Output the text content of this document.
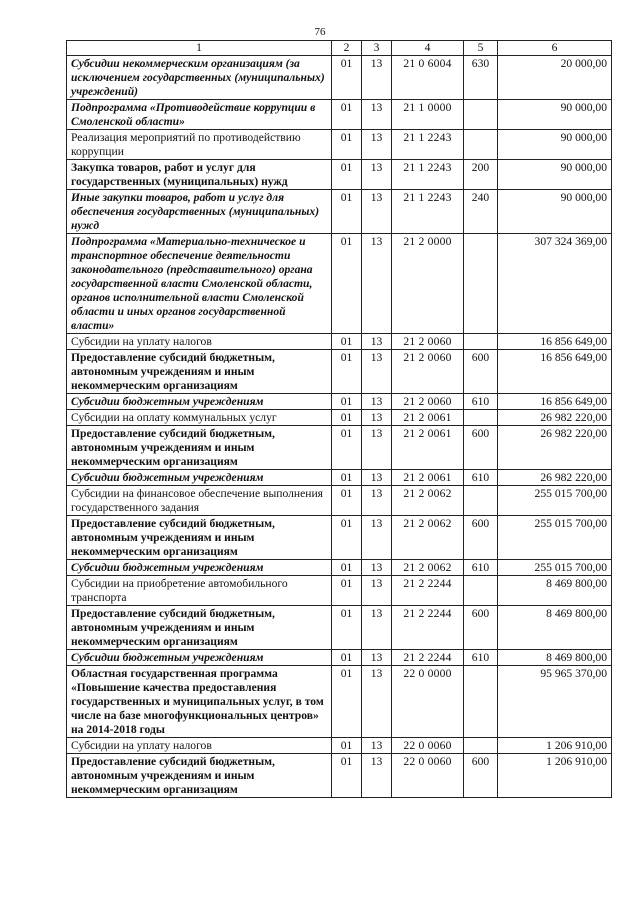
76
1	2	3	4	5	6
Субсидии некоммерческим организациям (за исключением государственных (муниципальных) учреждений)	01	13	21 0 6004	630	20 000,00
Подпрограмма «Противодействие коррупции в Смоленской области»	01	13	21 1 0000		90 000,00
Реализация мероприятий по противодействию коррупции	01	13	21 1 2243		90 000,00
Закупка товаров, работ и услуг для государственных (муниципальных) нужд	01	13	21 1 2243	200	90 000,00
Иные закупки товаров, работ и услуг для обеспечения государственных (муниципальных) нужд	01	13	21 1 2243	240	90 000,00
Подпрограмма «Материально-техническое и транспортное обеспечение деятельности законодательного (представительного) органа государственной власти Смоленской области, органов исполнительной власти Смоленской области и иных органов государственной власти»	01	13	21 2 0000		307 324 369,00
Субсидии на уплату налогов	01	13	21 2 0060		16 856 649,00
Предоставление субсидий бюджетным, автономным учреждениям и иным некоммерческим организациям	01	13	21 2 0060	600	16 856 649,00
Субсидии бюджетным учреждениям	01	13	21 2 0060	610	16 856 649,00
Субсидии на оплату коммунальных услуг	01	13	21 2 0061		26 982 220,00
Предоставление субсидий бюджетным, автономным учреждениям и иным некоммерческим организациям	01	13	21 2 0061	600	26 982 220,00
Субсидии бюджетным учреждениям	01	13	21 2 0061	610	26 982 220,00
Субсидии на финансовое обеспечение выполнения государственного задания	01	13	21 2 0062		255 015 700,00
Предоставление субсидий бюджетным, автономным учреждениям и иным некоммерческим организациям	01	13	21 2 0062	600	255 015 700,00
Субсидии бюджетным учреждениям	01	13	21 2 0062	610	255 015 700,00
Субсидии на приобретение автомобильного транспорта	01	13	21 2 2244		8 469 800,00
Предоставление субсидий бюджетным, автономным учреждениям и иным некоммерческим организациям	01	13	21 2 2244	600	8 469 800,00
Субсидии бюджетным учреждениям	01	13	21 2 2244	610	8 469 800,00
Областная государственная программа «Повышение качества предоставления государственных и муниципальных услуг, в том числе на базе многофункциональных центров» на 2014-2018 годы	01	13	22 0 0000		95 965 370,00
Субсидии на уплату налогов	01	13	22 0 0060		1 206 910,00
Предоставление субсидий бюджетным, автономным учреждениям и иным некоммерческим организациям	01	13	22 0 0060	600	1 206 910,00
